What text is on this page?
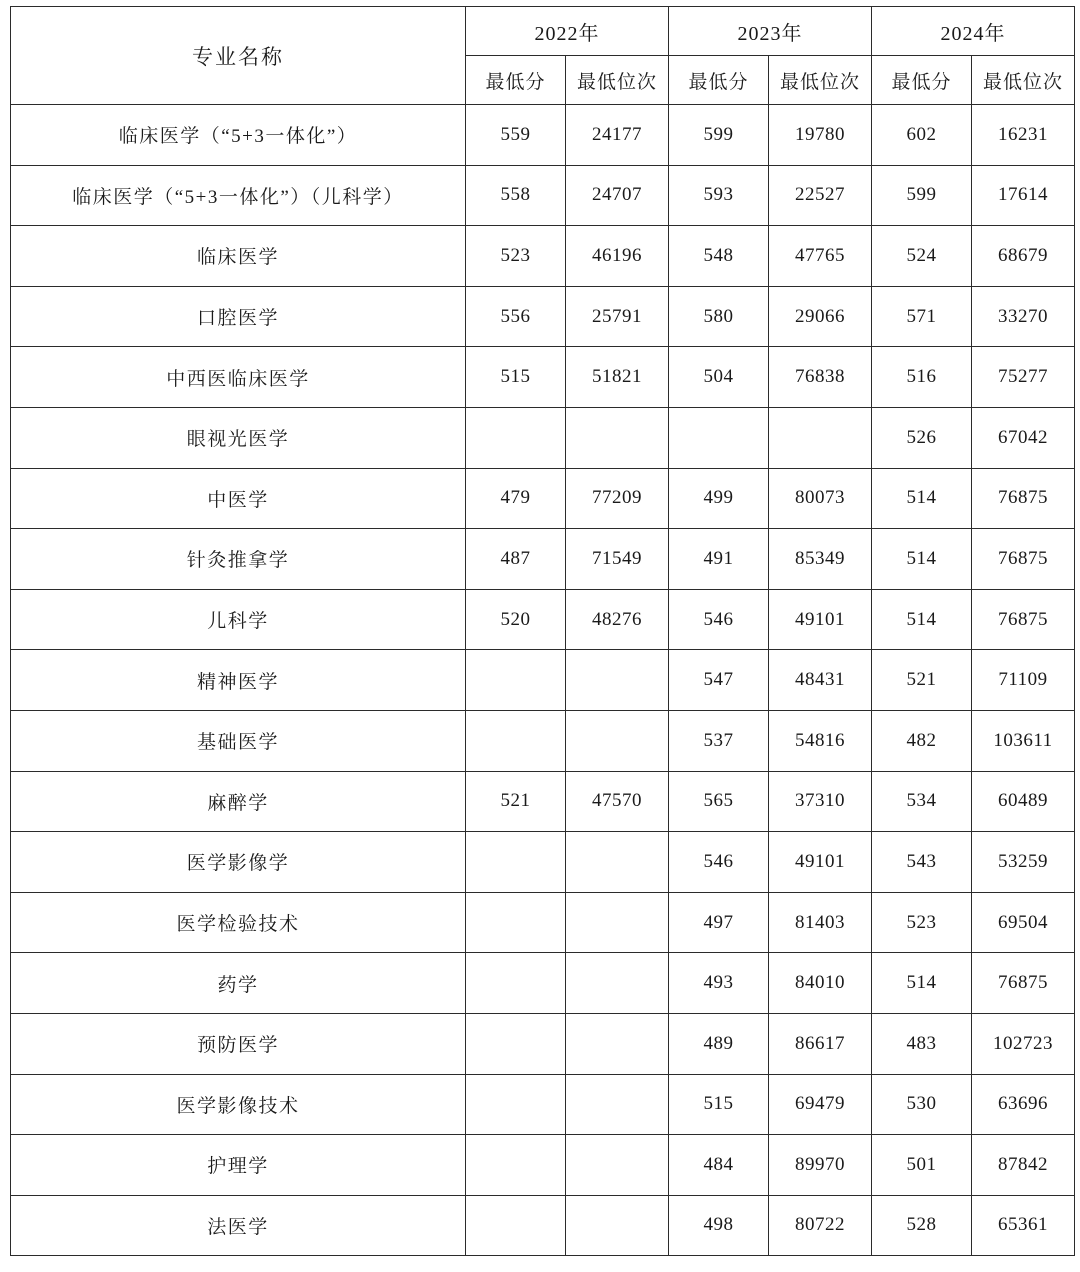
专业名称	2022年		2023年		2024年	
	最低分	最低位次	最低分	最低位次	最低分	最低位次
临床医学（“5+3一体化”）	559	24177	599	19780	602	16231
临床医学（“5+3一体化”）（儿科学）	558	24707	593	22527	599	17614
临床医学	523	46196	548	47765	524	68679
口腔医学	556	25791	580	29066	571	33270
中西医临床医学	515	51821	504	76838	516	75277
眼视光医学					526	67042
中医学	479	77209	499	80073	514	76875
针灸推拿学	487	71549	491	85349	514	76875
儿科学	520	48276	546	49101	514	76875
精神医学			547	48431	521	71109
基础医学			537	54816	482	103611
麻醉学	521	47570	565	37310	534	60489
医学影像学			546	49101	543	53259
医学检验技术			497	81403	523	69504
药学			493	84010	514	76875
预防医学			489	86617	483	102723
医学影像技术			515	69479	530	63696
护理学			484	89970	501	87842
法医学			498	80722	528	65361
